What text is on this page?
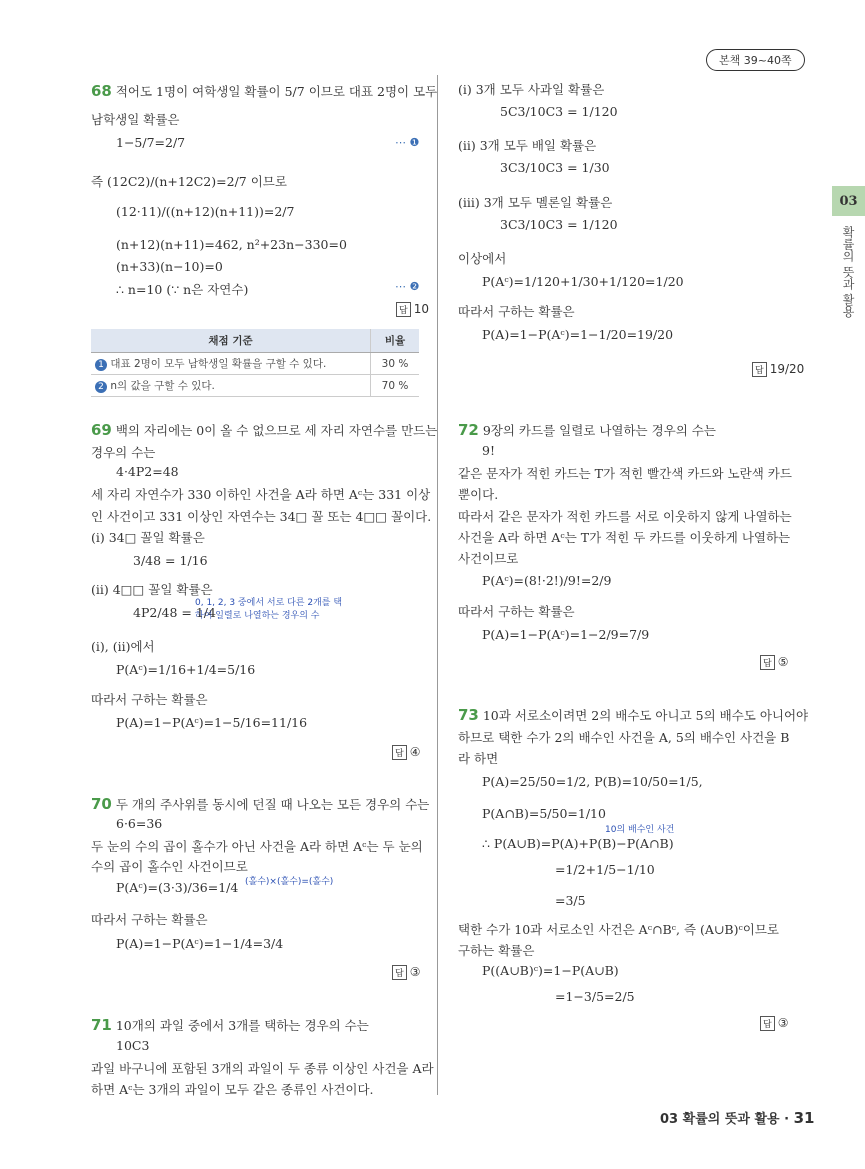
본책 39~40쪽
03
확률의 뜻과 활용
68 적어도 1명이 여학생일 확률이 5/7 이므로 대표 2명이 모두
남학생일 확률은
1−5/7=2/7	⋯ ❶
즉 (12C2)/(n+12C2)=2/7 이므로
(12·11)/((n+12)(n+11))=2/7
(n+12)(n+11)=462, n²+23n−330=0
(n+33)(n−10)=0
∴ n=10 (∵ n은 자연수)	⋯ ❷
답 10
채점 기준	비율
1 대표 2명이 모두 남학생일 확률을 구할 수 있다.	30 %
2 n의 값을 구할 수 있다.	70 %
69 백의 자리에는 0이 올 수 없으므로 세 자리 자연수를 만드는
경우의 수는
4·4P2=48
세 자리 자연수가 330 이하인 사건을 A라 하면 Aᶜ는 331 이상
인 사건이고 331 이상인 자연수는 34□ 꼴 또는 4□□ 꼴이다.
(i) 34□ 꼴일 확률은
3/48 = 1/16
(ii) 4□□ 꼴일 확률은
0, 1, 2, 3 중에서 서로 다른 2개를 택하여 일렬로 나열하는 경우의 수
4P2/48 = 1/4
(i), (ii)에서
P(Aᶜ)=1/16+1/4=5/16
따라서 구하는 확률은
P(A)=1−P(Aᶜ)=1−5/16=11/16
답 ④
70 두 개의 주사위를 동시에 던질 때 나오는 모든 경우의 수는
6·6=36
두 눈의 수의 곱이 홀수가 아닌 사건을 A라 하면 Aᶜ는 두 눈의
수의 곱이 홀수인 사건이므로
(홀수)×(홀수)=(홀수)
P(Aᶜ)=(3·3)/36=1/4
따라서 구하는 확률은
P(A)=1−P(Aᶜ)=1−1/4=3/4
답 ③
71 10개의 과일 중에서 3개를 택하는 경우의 수는
10C3
과일 바구니에 포함된 3개의 과일이 두 종류 이상인 사건을 A라
하면 Aᶜ는 3개의 과일이 모두 같은 종류인 사건이다.
(i) 3개 모두 사과일 확률은
5C3/10C3 = 1/120
(ii) 3개 모두 배일 확률은
3C3/10C3 = 1/30
(iii) 3개 모두 멜론일 확률은
3C3/10C3 = 1/120
이상에서
P(Aᶜ)=1/120+1/30+1/120=1/20
따라서 구하는 확률은
P(A)=1−P(Aᶜ)=1−1/20=19/20
답 19/20
72 9장의 카드를 일렬로 나열하는 경우의 수는
9!
같은 문자가 적힌 카드는 T가 적힌 빨간색 카드와 노란색 카드
뿐이다.
따라서 같은 문자가 적힌 카드를 서로 이웃하지 않게 나열하는
사건을 A라 하면 Aᶜ는 T가 적힌 두 카드를 이웃하게 나열하는
사건이므로
P(Aᶜ)=(8!·2!)/9!=2/9
따라서 구하는 확률은
P(A)=1−P(Aᶜ)=1−2/9=7/9
답 ⑤
73 10과 서로소이려면 2의 배수도 아니고 5의 배수도 아니어야
하므로 택한 수가 2의 배수인 사건을 A, 5의 배수인 사건을 B
라 하면
P(A)=25/50=1/2, P(B)=10/50=1/5,
P(A∩B)=5/50=1/10
10의 배수인 사건
∴ P(A∪B)=P(A)+P(B)−P(A∩B)
=1/2+1/5−1/10
=3/5
택한 수가 10과 서로소인 사건은 Aᶜ∩Bᶜ, 즉 (A∪B)ᶜ이므로
구하는 확률은
P((A∪B)ᶜ)=1−P(A∪B)
=1−3/5=2/5
답 ③
03 확률의 뜻과 활용 · 31
